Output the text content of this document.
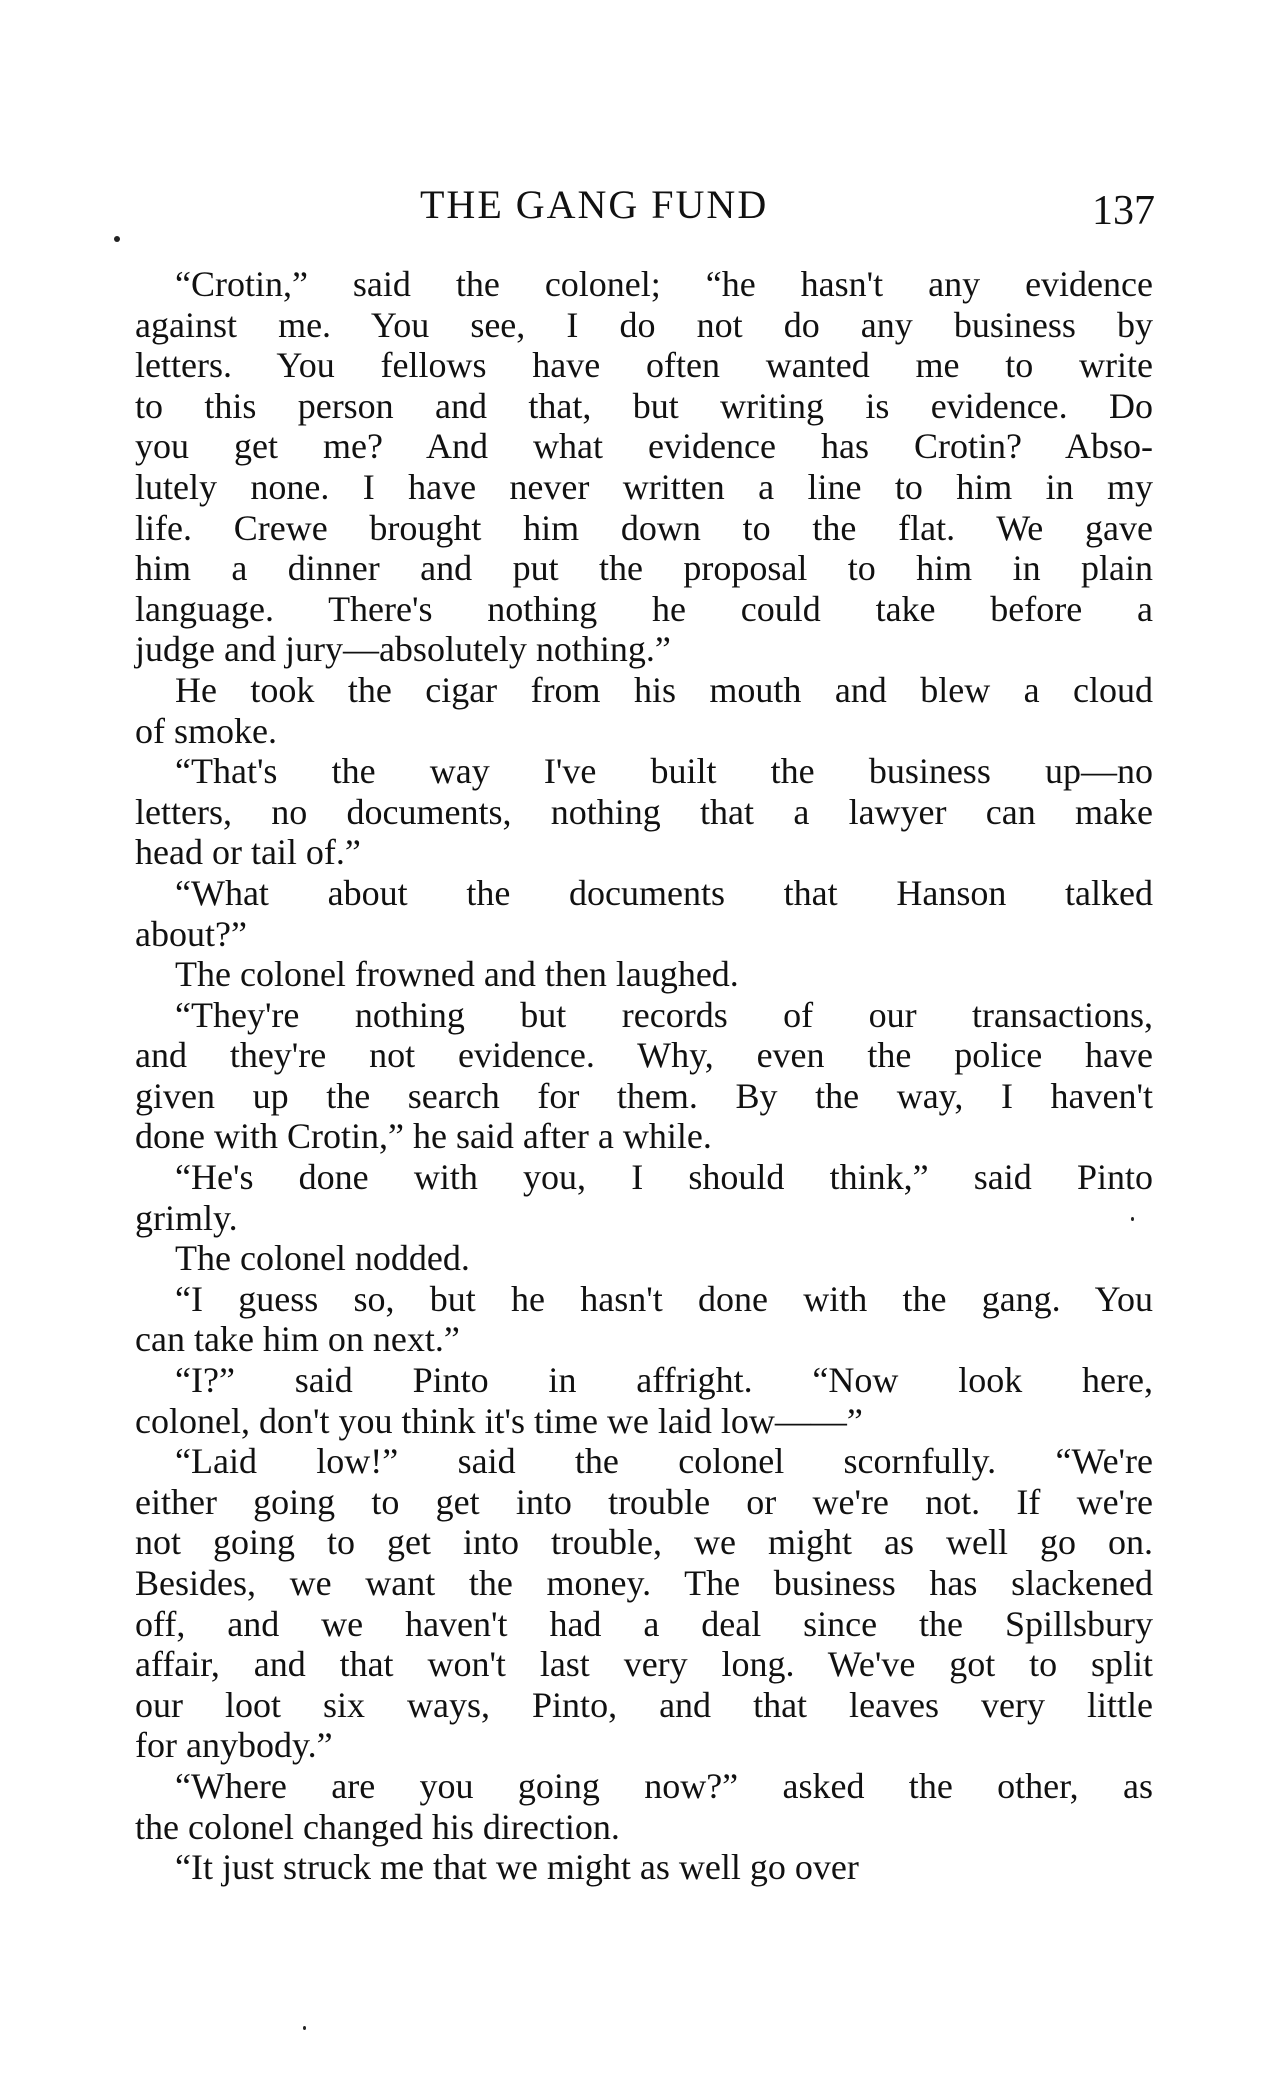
THE GANG FUND	137

“Crotin,” said the colonel; “he hasn't any evidence
against me. You see, I do not do any business by
letters. You fellows have often wanted me to write
to this person and that, but writing is evidence. Do
you get me? And what evidence has Crotin? Abso-
lutely none. I have never written a line to him in my
life. Crewe brought him down to the flat. We gave
him a dinner and put the proposal to him in plain
language. There's nothing he could take before a
judge and jury—absolutely nothing.”

He took the cigar from his mouth and blew a cloud
of smoke.

“That's the way I've built the business up—no
letters, no documents, nothing that a lawyer can make
head or tail of.”

“What about the documents that Hanson talked
about?”

The colonel frowned and then laughed.

“They're nothing but records of our transactions,
and they're not evidence. Why, even the police have
given up the search for them. By the way, I haven't
done with Crotin,” he said after a while.

“He's done with you, I should think,” said Pinto
grimly.

The colonel nodded.

“I guess so, but he hasn't done with the gang. You
can take him on next.”

“I?” said Pinto in affright. “Now look here,
colonel, don't you think it's time we laid low——”

“Laid low!” said the colonel scornfully. “We're
either going to get into trouble or we're not. If we're
not going to get into trouble, we might as well go on.
Besides, we want the money. The business has slackened
off, and we haven't had a deal since the Spillsbury
affair, and that won't last very long. We've got to split
our loot six ways, Pinto, and that leaves very little
for anybody.”

“Where are you going now?” asked the other, as
the colonel changed his direction.

“It just struck me that we might as well go over
